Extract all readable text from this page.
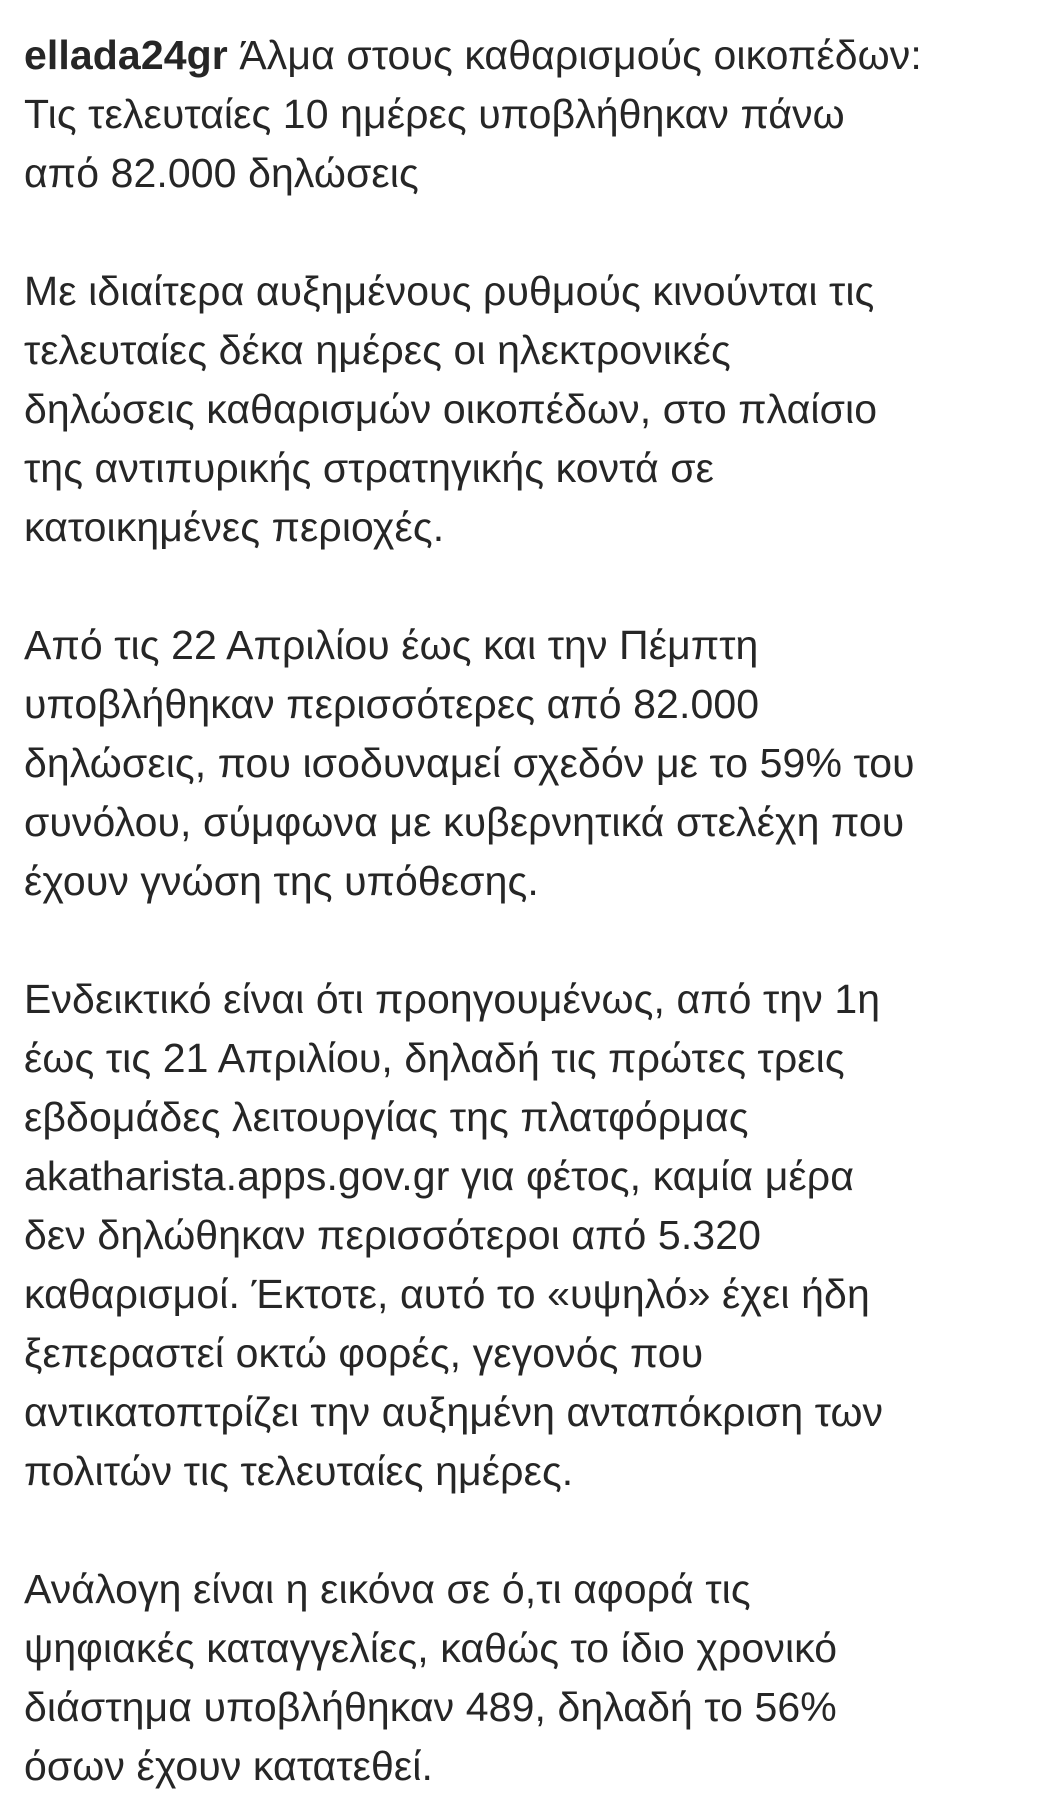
ellada24gr Άλμα στους καθαρισμούς οικοπέδων:
Τις τελευταίες 10 ημέρες υποβλήθηκαν πάνω
από 82.000 δηλώσεις

Με ιδιαίτερα αυξημένους ρυθμούς κινούνται τις
τελευταίες δέκα ημέρες οι ηλεκτρονικές
δηλώσεις καθαρισμών οικοπέδων, στο πλαίσιο
της αντιπυρικής στρατηγικής κοντά σε
κατοικημένες περιοχές.

Από τις 22 Απριλίου έως και την Πέμπτη
υποβλήθηκαν περισσότερες από 82.000
δηλώσεις, που ισοδυναμεί σχεδόν με το 59% του
συνόλου, σύμφωνα με κυβερνητικά στελέχη που
έχουν γνώση της υπόθεσης.

Ενδεικτικό είναι ότι προηγουμένως, από την 1η
έως τις 21 Απριλίου, δηλαδή τις πρώτες τρεις
εβδομάδες λειτουργίας της πλατφόρμας
akatharista.apps.gov.gr για φέτος, καμία μέρα
δεν δηλώθηκαν περισσότεροι από 5.320
καθαρισμοί. Έκτοτε, αυτό το «υψηλό» έχει ήδη
ξεπεραστεί οκτώ φορές, γεγονός που
αντικατοπτρίζει την αυξημένη ανταπόκριση των
πολιτών τις τελευταίες ημέρες.

Ανάλογη είναι η εικόνα σε ό,τι αφορά τις
ψηφιακές καταγγελίες, καθώς το ίδιο χρονικό
διάστημα υποβλήθηκαν 489, δηλαδή το 56%
όσων έχουν κατατεθεί.
